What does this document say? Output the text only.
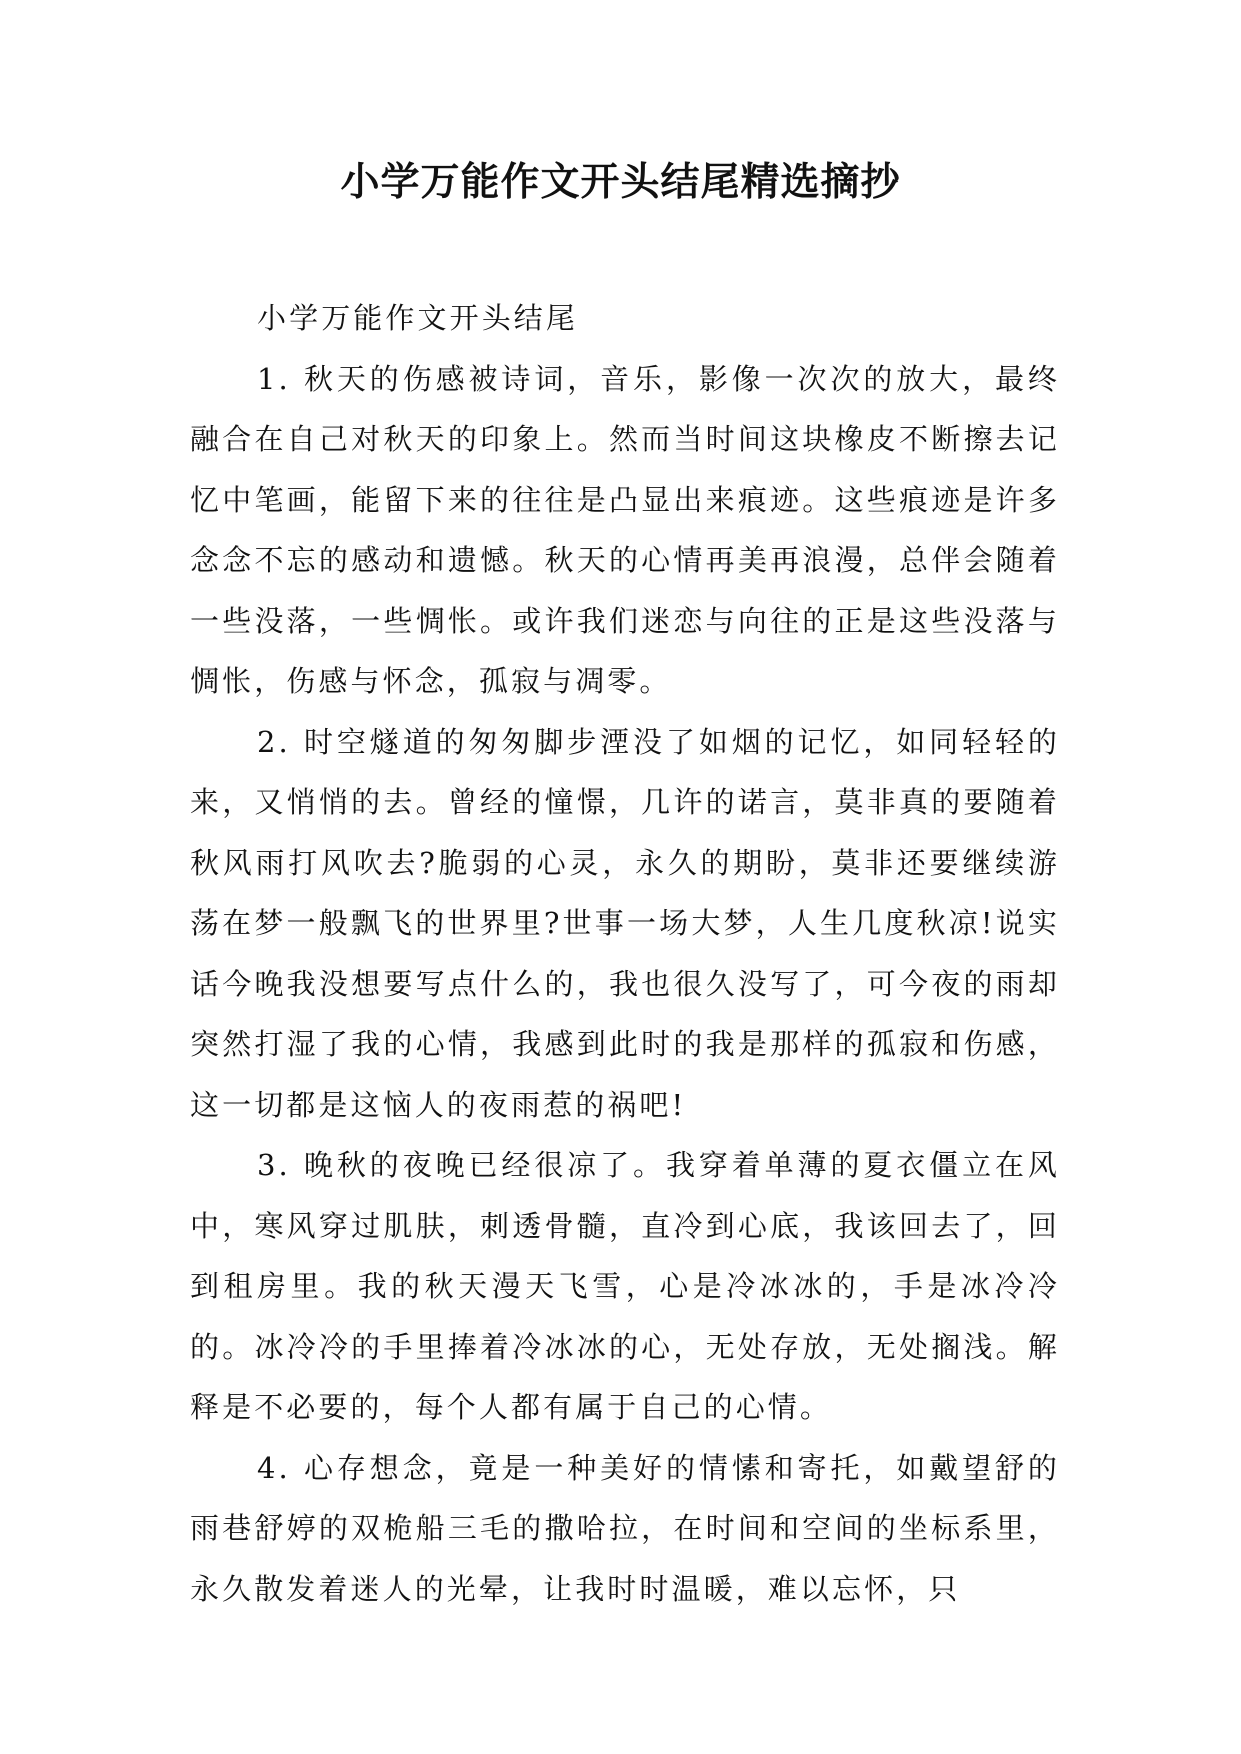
小学万能作文开头结尾精选摘抄

小学万能作文开头结尾

1. 秋天的伤感被诗词，音乐，影像一次次的放大，最终融合在自己对秋天的印象上。然而当时间这块橡皮不断擦去记忆中笔画，能留下来的往往是凸显出来痕迹。这些痕迹是许多念念不忘的感动和遗憾。秋天的心情再美再浪漫，总伴会随着一些没落，一些惆怅。或许我们迷恋与向往的正是这些没落与惆怅，伤感与怀念，孤寂与凋零。

2. 时空燧道的匆匆脚步湮没了如烟的记忆，如同轻轻的来，又悄悄的去。曾经的憧憬，几许的诺言，莫非真的要随着秋风雨打风吹去?脆弱的心灵，永久的期盼，莫非还要继续游荡在梦一般飘飞的世界里?世事一场大梦，人生几度秋凉!说实话今晚我没想要写点什么的，我也很久没写了，可今夜的雨却突然打湿了我的心情，我感到此时的我是那样的孤寂和伤感，这一切都是这恼人的夜雨惹的祸吧!

3. 晚秋的夜晚已经很凉了。我穿着单薄的夏衣僵立在风中，寒风穿过肌肤，刺透骨髓，直冷到心底，我该回去了，回到租房里。我的秋天漫天飞雪，心是冷冰冰的，手是冰冷冷的。冰冷冷的手里捧着冷冰冰的心，无处存放，无处搁浅。解释是不必要的，每个人都有属于自己的心情。

4. 心存想念，竟是一种美好的情愫和寄托，如戴望舒的雨巷舒婷的双桅船三毛的撒哈拉，在时间和空间的坐标系里，永久散发着迷人的光晕，让我时时温暖，难以忘怀，只
